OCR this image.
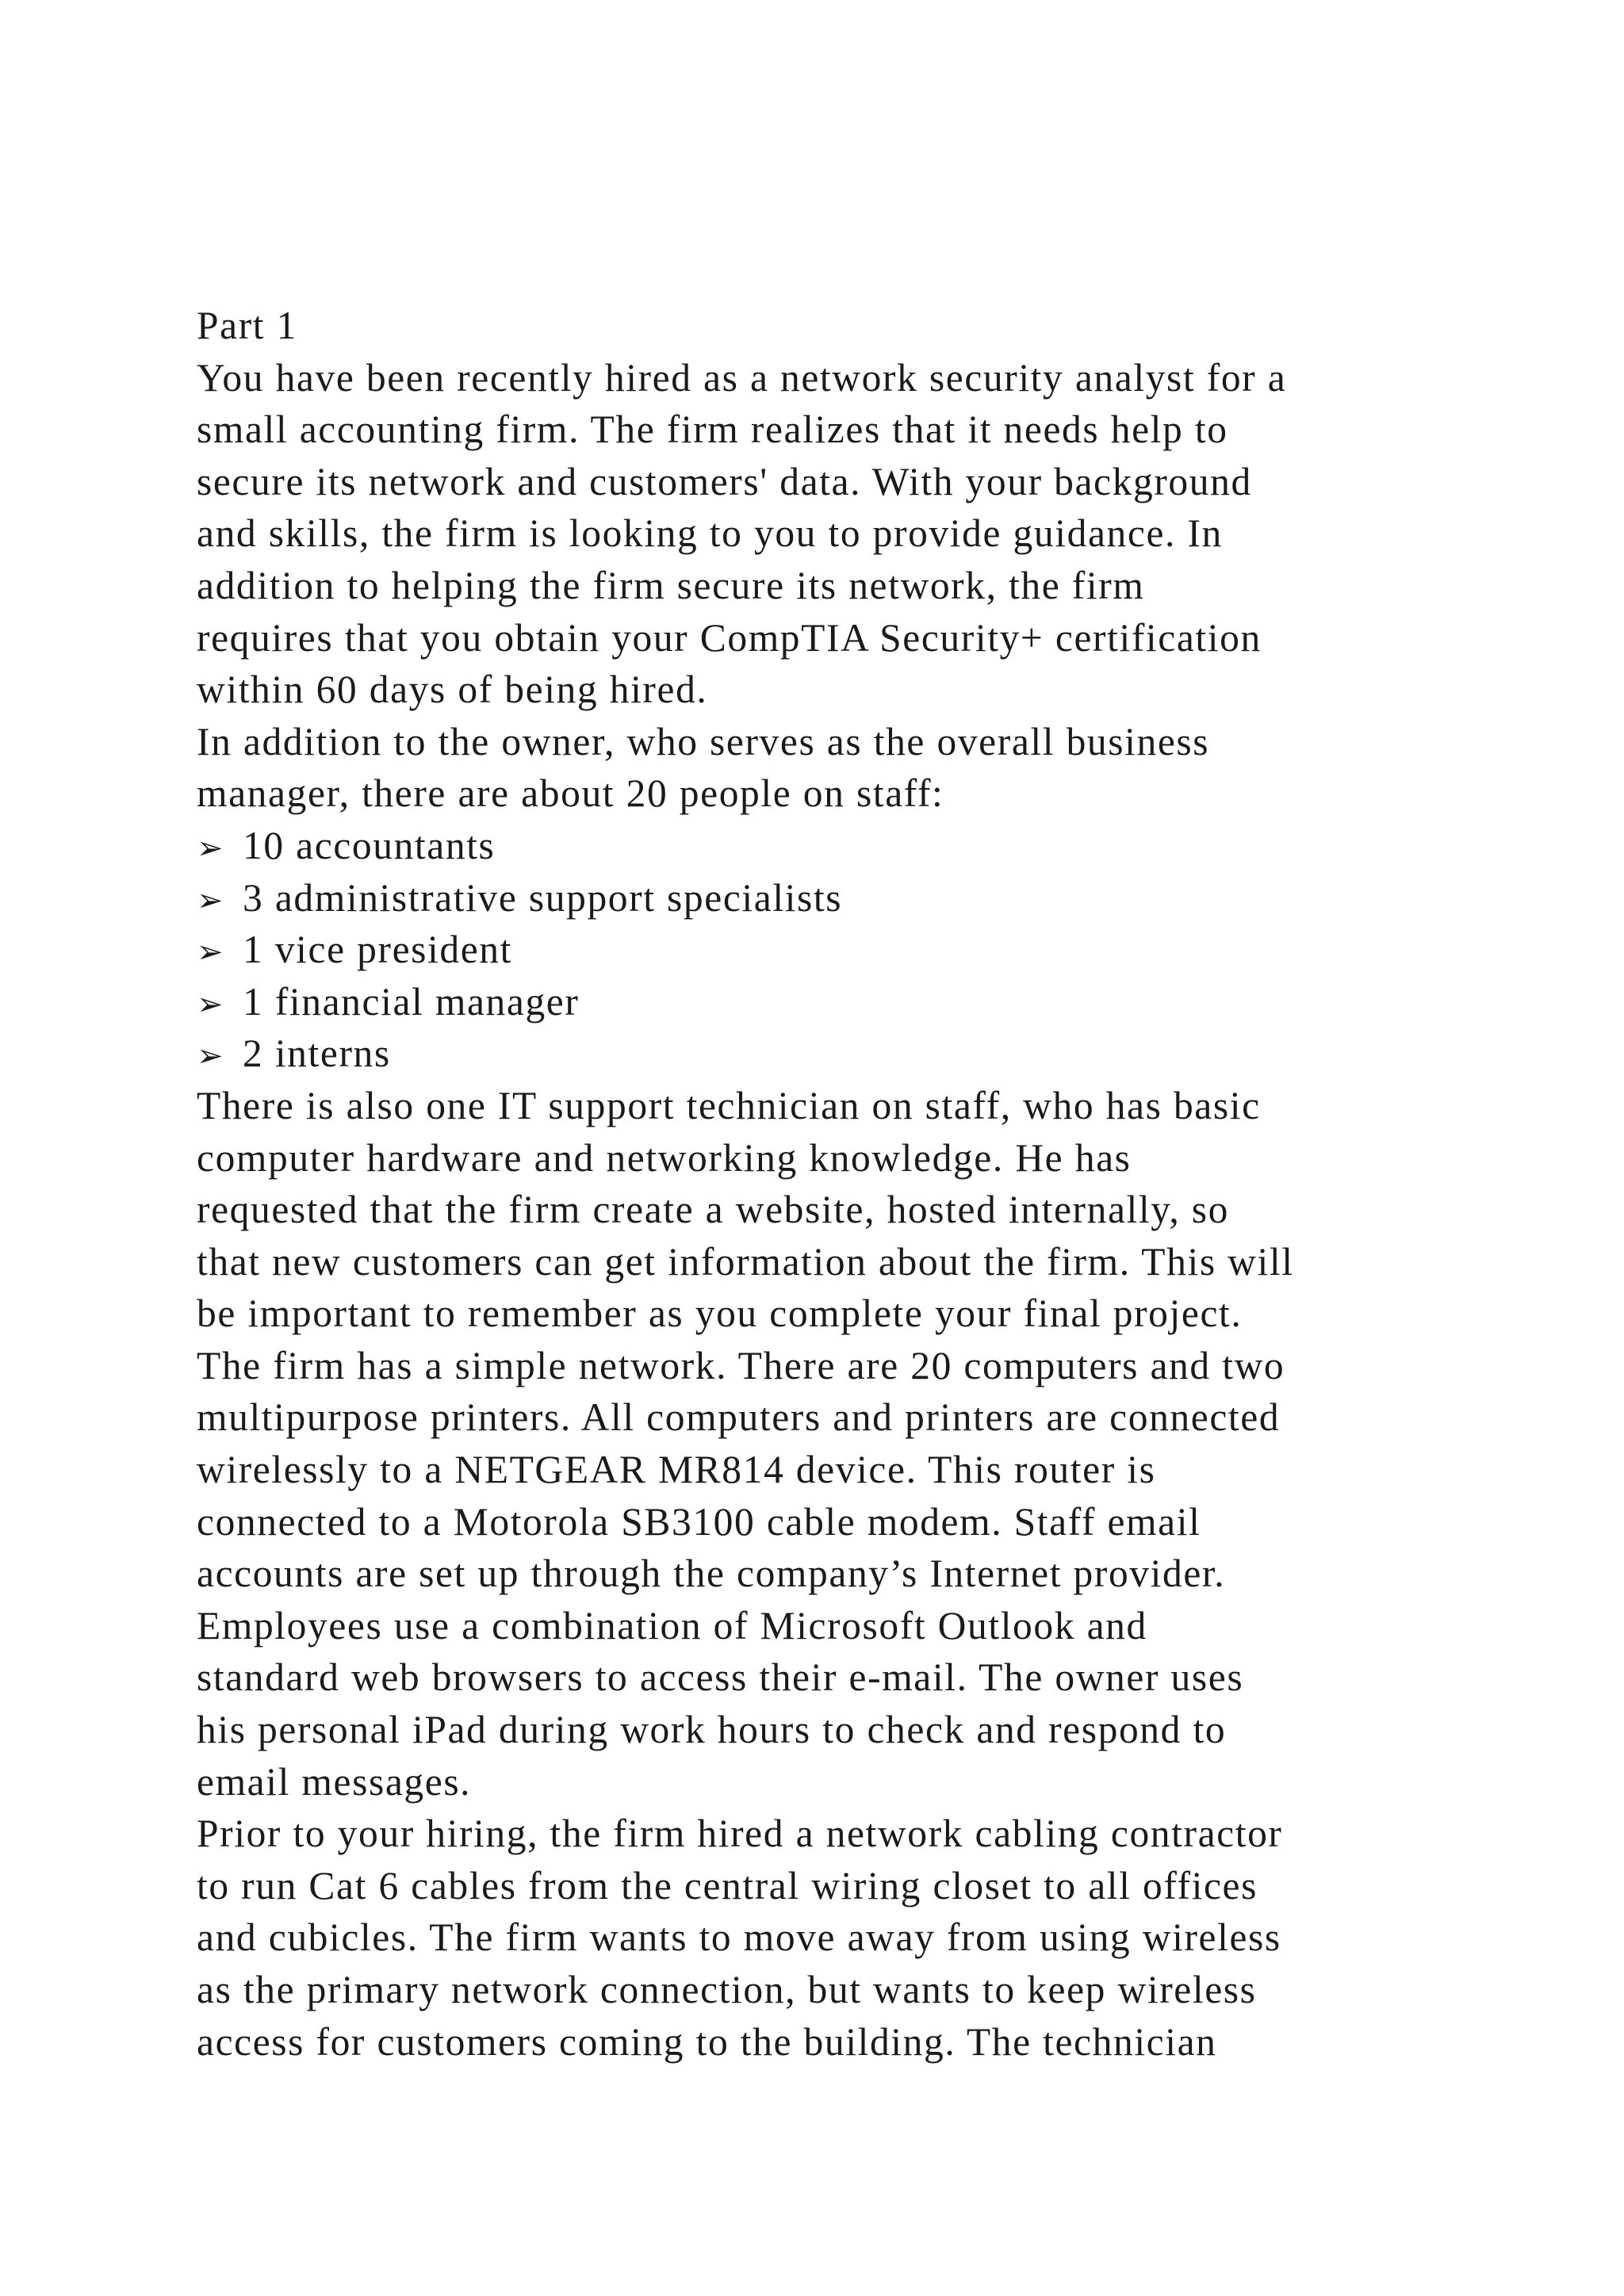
Part 1
You have been recently hired as a network security analyst for a
small accounting firm. The firm realizes that it needs help to
secure its network and customers' data. With your background
and skills, the firm is looking to you to provide guidance. In
addition to helping the firm secure its network, the firm
requires that you obtain your CompTIA Security+ certification
within 60 days of being hired.
In addition to the owner, who serves as the overall business
manager, there are about 20 people on staff:
➢ 10 accountants
➢ 3 administrative support specialists
➢ 1 vice president
➢ 1 financial manager
➢ 2 interns
There is also one IT support technician on staff, who has basic
computer hardware and networking knowledge. He has
requested that the firm create a website, hosted internally, so
that new customers can get information about the firm. This will
be important to remember as you complete your final project.
The firm has a simple network. There are 20 computers and two
multipurpose printers. All computers and printers are connected
wirelessly to a NETGEAR MR814 device. This router is
connected to a Motorola SB3100 cable modem. Staff email
accounts are set up through the company’s Internet provider.
Employees use a combination of Microsoft Outlook and
standard web browsers to access their e-mail. The owner uses
his personal iPad during work hours to check and respond to
email messages.
Prior to your hiring, the firm hired a network cabling contractor
to run Cat 6 cables from the central wiring closet to all offices
and cubicles. The firm wants to move away from using wireless
as the primary network connection, but wants to keep wireless
access for customers coming to the building. The technician
